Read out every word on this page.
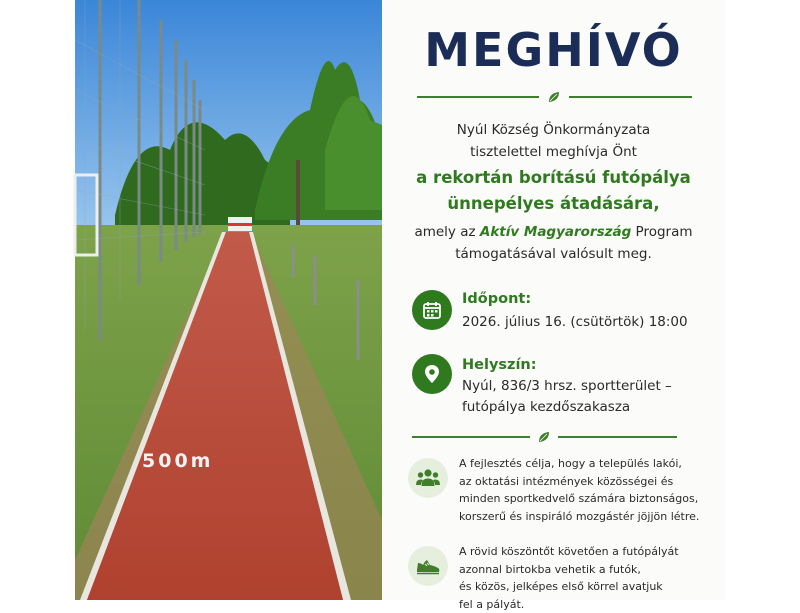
500m
MEGHÍVÓ
Nyúl Község Önkormányzata
tisztelettel meghívja Önt
a rekortán borítású futópálya
ünnepélyes átadására,
amely az Aktív Magyarország Program
támogatásával valósult meg.
Időpont:
2026. július 16. (csütörtök) 18:00
Helyszín:
Nyúl, 836/3 hrsz. sportterület –
futópálya kezdőszakasza
A fejlesztés célja, hogy a település lakói,
az oktatási intézmények közösségei és
minden sportkedvelő számára biztonságos,
korszerű és inspiráló mozgástér jöjjön létre.
A rövid köszöntőt követően a futópályát
azonnal birtokba vehetik a futók,
és közös, jelképes első körrel avatjuk
fel a pályát.
